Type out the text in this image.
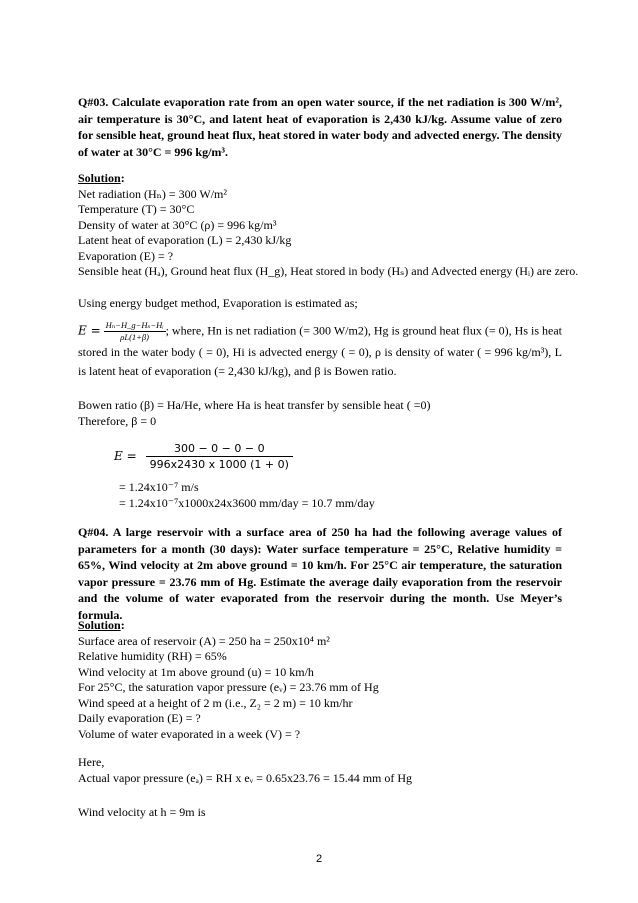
Q#03. Calculate evaporation rate from an open water source, if the net radiation is 300 W/m², air temperature is 30°C, and latent heat of evaporation is 2,430 kJ/kg. Assume value of zero for sensible heat, ground heat flux, heat stored in water body and advected energy. The density of water at 30°C = 996 kg/m³.
Solution:
Net radiation (Hₙ) = 300 W/m²
Temperature (T) = 30°C
Density of water at 30°C (ρ) = 996 kg/m³
Latent heat of evaporation (L) = 2,430 kJ/kg
Evaporation (E) = ?
Sensible heat (Hₐ), Ground heat flux (H_g), Heat stored in body (Hₛ) and Advected energy (Hᵢ) are zero.
Using energy budget method, Evaporation is estimated as;
$E = \frac{\text{Hₙ−H\_g−Hₛ−Hᵢ}}{\rho L(1+\beta)}$ ; where, Hn is net radiation (= 300 W/m2), Hg is ground heat flux (= 0), Hs is heat stored in the water body ( = 0), Hi is advected energy ( = 0), ρ is density of water ( = 996 kg/m³), L is latent heat of evaporation (= 2,430 kJ/kg), and β is Bowen ratio.
Bowen ratio (β) = Ha/He, where Ha is heat transfer by sensible heat ( =0)
Therefore, β = 0
$E = \frac{300 - 0 - 0 - 0}{996x2430 x 1000 (1 + 0)}$
= 1.24x10⁻⁷ m/s
= 1.24x10⁻⁷x1000x24x3600 mm/day = 10.7 mm/day
Q#04. A large reservoir with a surface area of 250 ha had the following average values of parameters for a month (30 days): Water surface temperature = 25°C, Relative humidity = 65%, Wind velocity at 2m above ground = 10 km/h. For 25°C air temperature, the saturation vapor pressure = 23.76 mm of Hg. Estimate the average daily evaporation from the reservoir and the volume of water evaporated from the reservoir during the month. Use Meyer’s formula.
Solution:
Surface area of reservoir (A) = 250 ha = 250x10⁴ m²
Relative humidity (RH) = 65%
Wind velocity at 1m above ground (u) = 10 km/h
For 25°C, the saturation vapor pressure (eᵥ) = 23.76 mm of Hg
Wind speed at a height of 2 m (i.e., Z₂ = 2 m) = 10 km/hr
Daily evaporation (E) = ?
Volume of water evaporated in a week (V) = ?
Here,
Actual vapor pressure (eₐ) = RH x eᵥ = 0.65x23.76 = 15.44 mm of Hg
Wind velocity at h = 9m is
2
